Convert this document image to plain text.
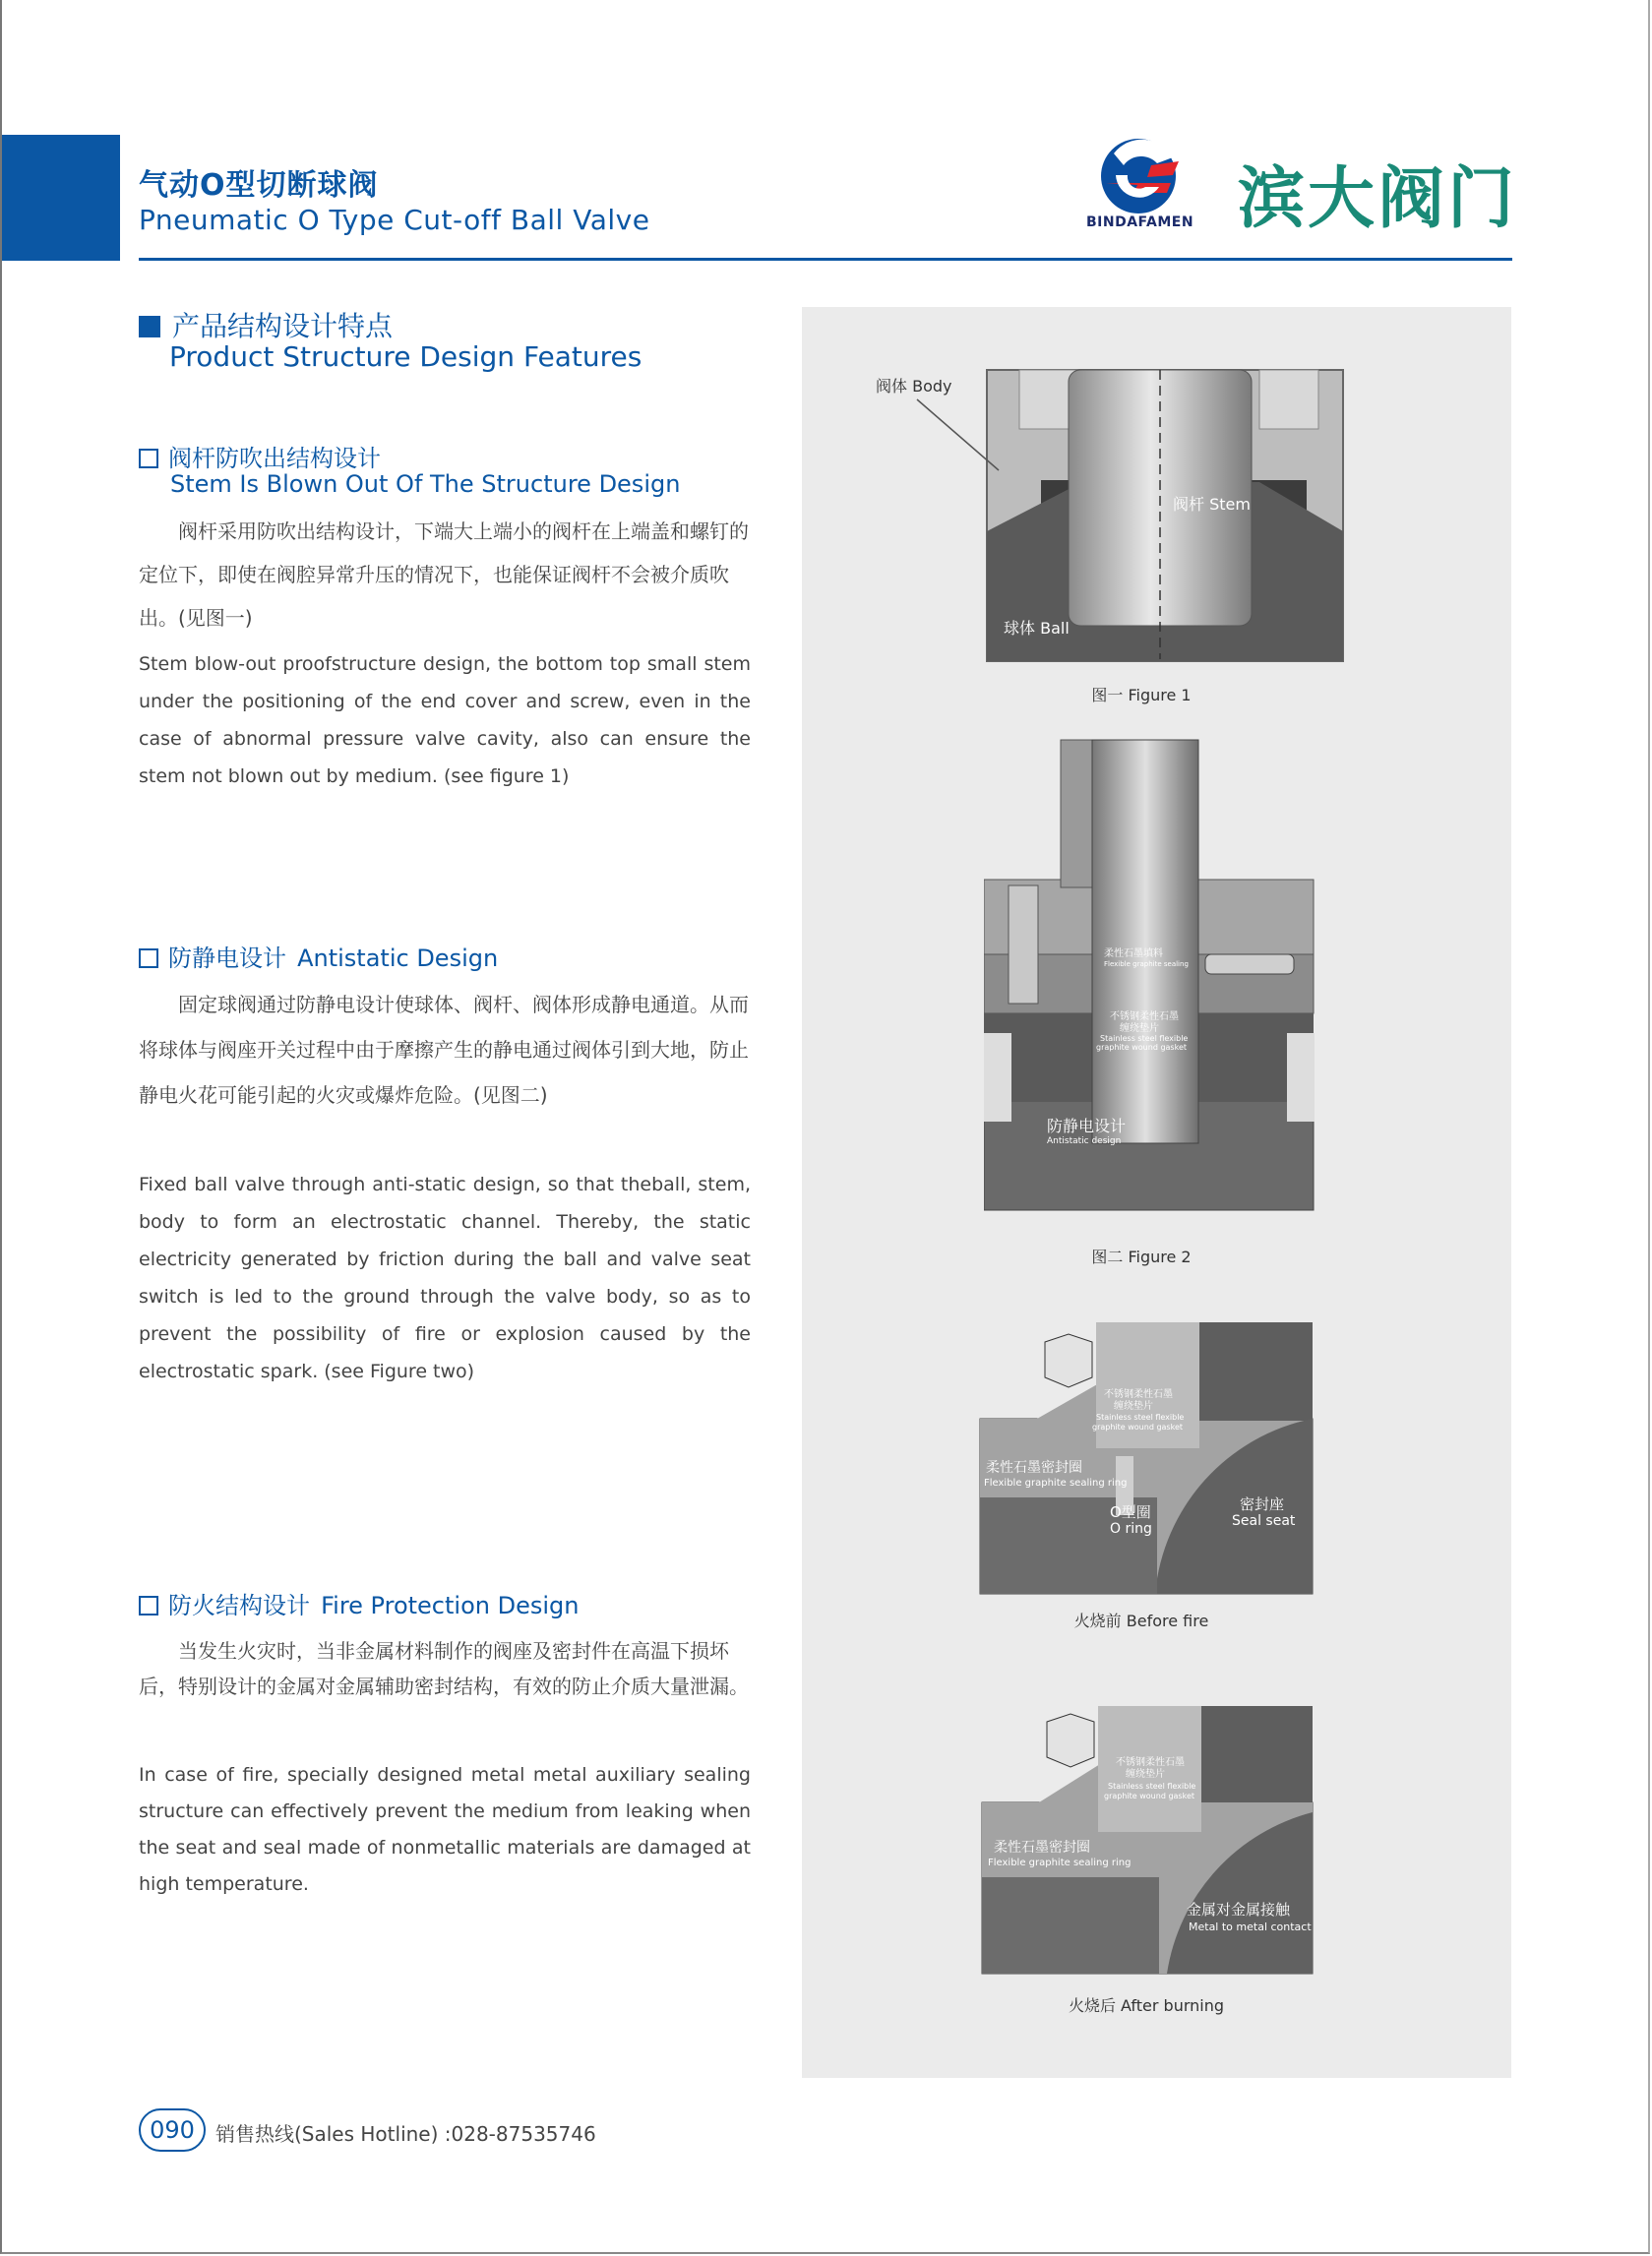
气动O型切断球阀
Pneumatic O Type Cut-off Ball Valve	BINDAFAMEN 滨大阀门
产品结构设计特点
Product Structure Design Features
阀杆防吹出结构设计
Stem Is Blown Out Of The Structure Design
阀杆采用防吹出结构设计，下端大上端小的阀杆在上端盖和螺钉的定位下，即使在阀腔异常升压的情况下，也能保证阀杆不会被介质吹出。(见图一)
Stem blow-out proofstructure design, the bottom top small stem under the positioning of the end cover and screw, even in the case of abnormal pressure valve cavity, also can ensure the stem not blown out by medium. (see figure 1)
防静电设计 Antistatic Design
固定球阀通过防静电设计使球体、阀杆、阀体形成静电通道。从而将球体与阀座开关过程中由于摩擦产生的静电通过阀体引到大地，防止静电火花可能引起的火灾或爆炸危险。(见图二)
Fixed ball valve through anti-static design, so that theball, stem, body to form an electrostatic channel. Thereby, the static electricity generated by friction during the ball and valve seat switch is led to the ground through the valve body, so as to prevent the possibility of fire or explosion caused by the electrostatic spark. (see Figure two)
防火结构设计 Fire Protection Design
当发生火灾时，当非金属材料制作的阀座及密封件在高温下损坏后，特别设计的金属对金属辅助密封结构，有效的防止介质大量泄漏。
In case of fire, specially designed metal metal auxiliary sealing structure can effectively prevent the medium from leaking when the seat and seal made of nonmetallic materials are damaged at high temperature.
阀体 Body
阀杆 Stem
球体 Ball
图一 Figure 1
柔性石墨填料
Flexible graphite sealing
不锈钢柔性石墨
缠绕垫片
Stainless steel flexible
graphite wound gasket
防静电设计
Antistatic design
图二 Figure 2
不锈钢柔性石墨
缠绕垫片
Stainless steel flexible
graphite wound gasket
柔性石墨密封圈
Flexible graphite sealing ring
O型圈
O ring
密封座
Seal seat
火烧前 Before fire
不锈钢柔性石墨
缠绕垫片
Stainless steel flexible
graphite wound gasket
柔性石墨密封圈
Flexible graphite sealing ring
金属对金属接触
Metal to metal contact
火烧后 After burning
090	销售热线(Sales Hotline) :028-87535746
